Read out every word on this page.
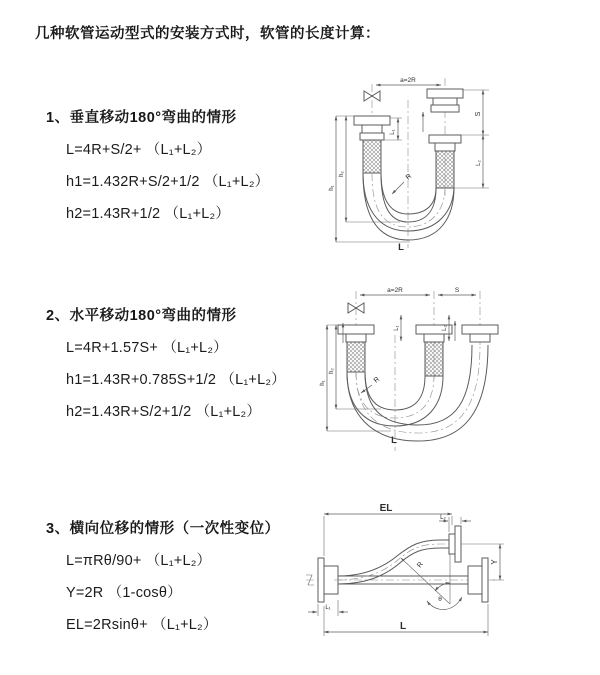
几种软管运动型式的安装方式时，软管的长度计算：
1、垂直移动180°弯曲的情形
L=4R+S/2+ （L₁+L₂）
h1=1.432R+S/2+1/2 （L₁+L₂）
h2=1.43R+1/2 （L₁+L₂）
a=2R
L₁
S
L₂
h₁
h₂	R
L
2、水平移动180°弯曲的情形
L=4R+1.57S+ （L₁+L₂）
h1=1.43R+0.785S+1/2 （L₁+L₂）
h2=1.43R+S/2+1/2 （L₁+L₂）
a=2R	S
L₁	L₂
h₁
h₂
R
L
3、横向位移的情形（一次性变位）
L=πRθ/90+ （L₁+L₂）
Y=2R （1-cosθ）
EL=2Rsinθ+ （L₁+L₂）
EL
L₂
Y
L
L₁
R
θ
